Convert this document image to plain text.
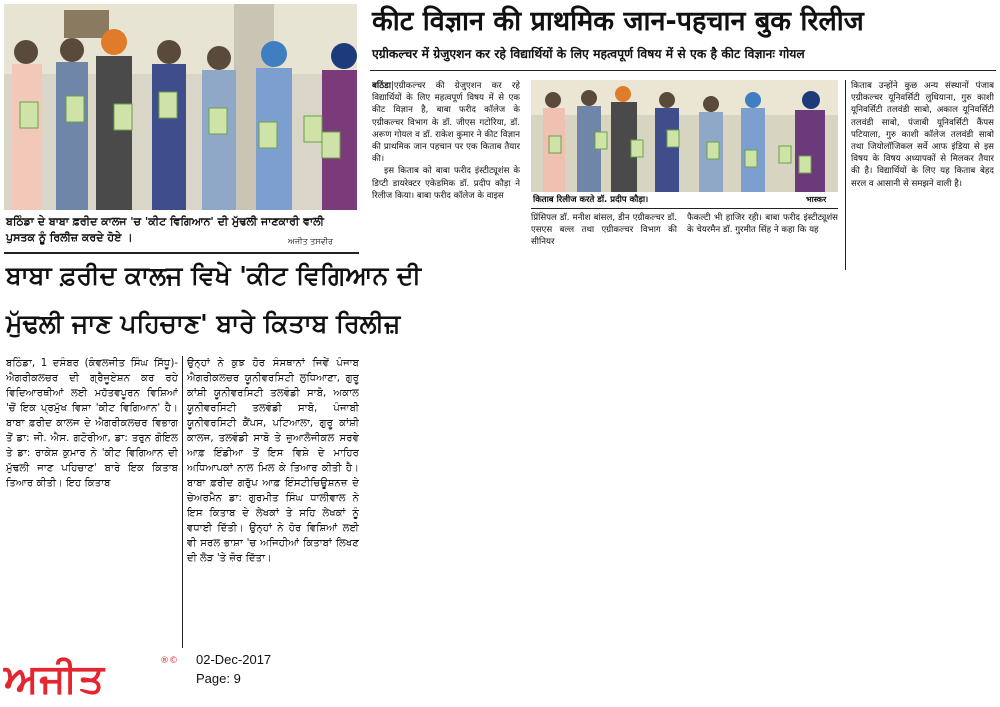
ਬਠਿੰਡਾ ਦੇ ਬਾਬਾ ਫ਼ਰੀਦ ਕਾਲਜ 'ਚ 'ਕੀਟ ਵਿਗਿਆਨ' ਦੀ ਮੁੱਢਲੀ ਜਾਣਕਾਰੀ ਵਾਲੀ ਪੁਸਤਕ ਨੂੰ ਰਿਲੀਜ਼ ਕਰਦੇ ਹੋਏ ।	ਅਜੀਤ ਤਸਵੀਰ
ਬਾਬਾ ਫ਼ਰੀਦ ਕਾਲਜ ਵਿਖੇ 'ਕੀਟ ਵਿਗਿਆਨ ਦੀ
ਮੁੱਢਲੀ ਜਾਣ ਪਹਿਚਾਣ' ਬਾਰੇ ਕਿਤਾਬ ਰਿਲੀਜ਼
ਬਠਿੰਡਾ, 1 ਦਸੰਬਰ (ਕੰਵਲਜੀਤ ਸਿੰਘ ਸਿੱਧੂ)-ਐਗਰੀਕਲਚਰ ਦੀ ਗ੍ਰੈਜੂਏਸ਼ਨ ਕਰ ਰਹੇ ਵਿਦਿਆਰਥੀਆਂ ਲਈ ਮਹੱਤਵਪੂਰਨ ਵਿਸ਼ਿਆਂ 'ਚੋਂ ਇਕ ਪ੍ਰਮੁੱਖ ਵਿਸ਼ਾ 'ਕੀਟ ਵਿਗਿਆਨ' ਹੈ। ਬਾਬਾ ਫ਼ਰੀਦ ਕਾਲਜ ਦੇ ਐਗਰੀਕਲਚਰ ਵਿਭਾਗ ਤੋਂ ਡਾ: ਜੀ. ਐਸ. ਗਟੋਰੀਆ, ਡਾ: ਤਰੁਨ ਗੋਇਲ ਤੇ ਡਾ: ਰਾਕੇਸ਼ ਕੁਮਾਰ ਨੇ 'ਕੀਟ ਵਿਗਿਆਨ ਦੀ ਮੁੱਢਲੀ ਜਾਣ ਪਹਿਚਾਣ' ਬਾਰੇ ਇਕ ਕਿਤਾਬ ਤਿਆਰ ਕੀਤੀ। ਇਹ ਕਿਤਾਬ
ਉਨ੍ਹਾਂ ਨੇ ਕੁਝ ਹੋਰ ਸੰਸਥਾਨਾਂ ਜਿਵੇਂ ਪੰਜਾਬ ਐਗਰੀਕਲਚਰ ਯੂਨੀਵਰਸਿਟੀ ਲੁਧਿਆਣਾ, ਗੁਰੂ ਕਾਂਸ਼ੀ ਯੂਨੀਵਰਸਿਟੀ ਤਲਵੰਡੀ ਸਾਬੋ, ਅਕਾਲ ਯੂਨੀਵਰਸਿਟੀ ਤਲਵੰਡੀ ਸਾਬੋ, ਪੰਜਾਬੀ ਯੂਨੀਵਰਸਿਟੀ ਕੈਂਪਸ, ਪਟਿਆਲਾ, ਗੁਰੂ ਕਾਂਸ਼ੀ ਕਾਲਜ, ਤਲਵੰਡੀ ਸਾਬੋ ਤੇ ਜ਼ੁਆਲੋਜੀਕਲ ਸਰਵੇ ਆਫ਼ ਇੰਡੀਆ ਤੋਂ ਇਸ ਵਿਸ਼ੇ ਦੇ ਮਾਹਿਰ ਅਧਿਆਪਕਾਂ ਨਾਲ ਮਿਲ ਕੇ ਤਿਆਰ ਕੀਤੀ ਹੈ। ਬਾਬਾ ਫ਼ਰੀਦ ਗਰੁੱਪ ਆਫ਼ ਇੰਸਟੀਚਿਊਸ਼ਨਜ਼ ਦੇ ਚੇਅਰਮੈਨ ਡਾ: ਗੁਰਮੀਤ ਸਿੰਘ ਧਾਲੀਵਾਲ ਨੇ ਇਸ ਕਿਤਾਬ ਦੇ ਲੇਖਕਾਂ ਤੇ ਸਹਿ ਲੇਖਕਾਂ ਨੂੰ ਵਧਾਈ ਦਿੱਤੀ। ਉਨ੍ਹਾਂ ਨੇ ਹੋਰ ਵਿਸ਼ਿਆਂ ਲਈ ਵੀ ਸਰਲ ਭਾਸ਼ਾ 'ਚ ਅਜਿਹੀਆਂ ਕਿਤਾਬਾਂ ਲਿਖਣ ਦੀ ਲੋੜ 'ਤੇ ਜ਼ੋਰ ਦਿੱਤਾ।
ਅਜੀਤ	®© 02-Dec-2017
Page: 9
कीट विज्ञान की प्राथमिक जान-पहचान बुक रिलीज
एग्रीकल्चर में ग्रेजुएशन कर रहे विद्यार्थियों के लिए महत्वपूर्ण विषय में से एक है कीट विज्ञानः गोयल
बठिंडा|एग्रीकल्चर की ग्रेजुएशन कर रहे विद्यार्थियों के लिए महत्वपूर्ण विषय में से एक कीट विज्ञान है, बाबा फरीद कॉलेज के एग्रीकल्चर विभाग के डॉ. जीएस गटोरिया, डॉ. अरूण गोयल व डॉ. राकेश कुमार ने कीट विज्ञान की प्राथमिक जान पहचान पर एक किताब तैयार की।
इस किताब को बाबा फरीद इंस्टीट्यूशंस के डिप्टी डायरेक्टर एकेडमिक डॉ. प्रदीप कौड़ा ने रिलीज किया। बाबा फरीद कॉलेज के वाइस	किताब रिलीज करते डॉ. प्रदीप कौड़ा।	भास्कर
प्रिंसिपल डॉ. मनीश बांसल, डीन एग्रीकल्चर डॉ. एसएस बल्ल तथा एग्रीकल्चर विभाग की सीनियर
फैकल्टी भी हाजिर रही। बाबा फरीद इंस्टीट्यूशंस के चेयरमैन डॉ. गुरमीत सिंह ने कहा कि यह
किताब उन्होंने कुछ अन्य संस्थानों पंजाब एग्रीकल्चर यूनिवर्सिटी लुधियाना, गुरु काशी यूनिवर्सिटी तलवंडी साबो, अकाल यूनिवर्सिटी तलवंडी साबो, पंजाबी यूनिवर्सिटी कैंपस पटियाला, गुरु काशी कॉलेज तलवंडी साबो तथा जियोलॉजिकल सर्वे आफ इंडिया से इस विषय के विषय अध्यापकों से मिलकर तैयार की है। विद्यार्थियों के लिए यह किताब बेहद सरल व आसानी से समझने वाली है।
